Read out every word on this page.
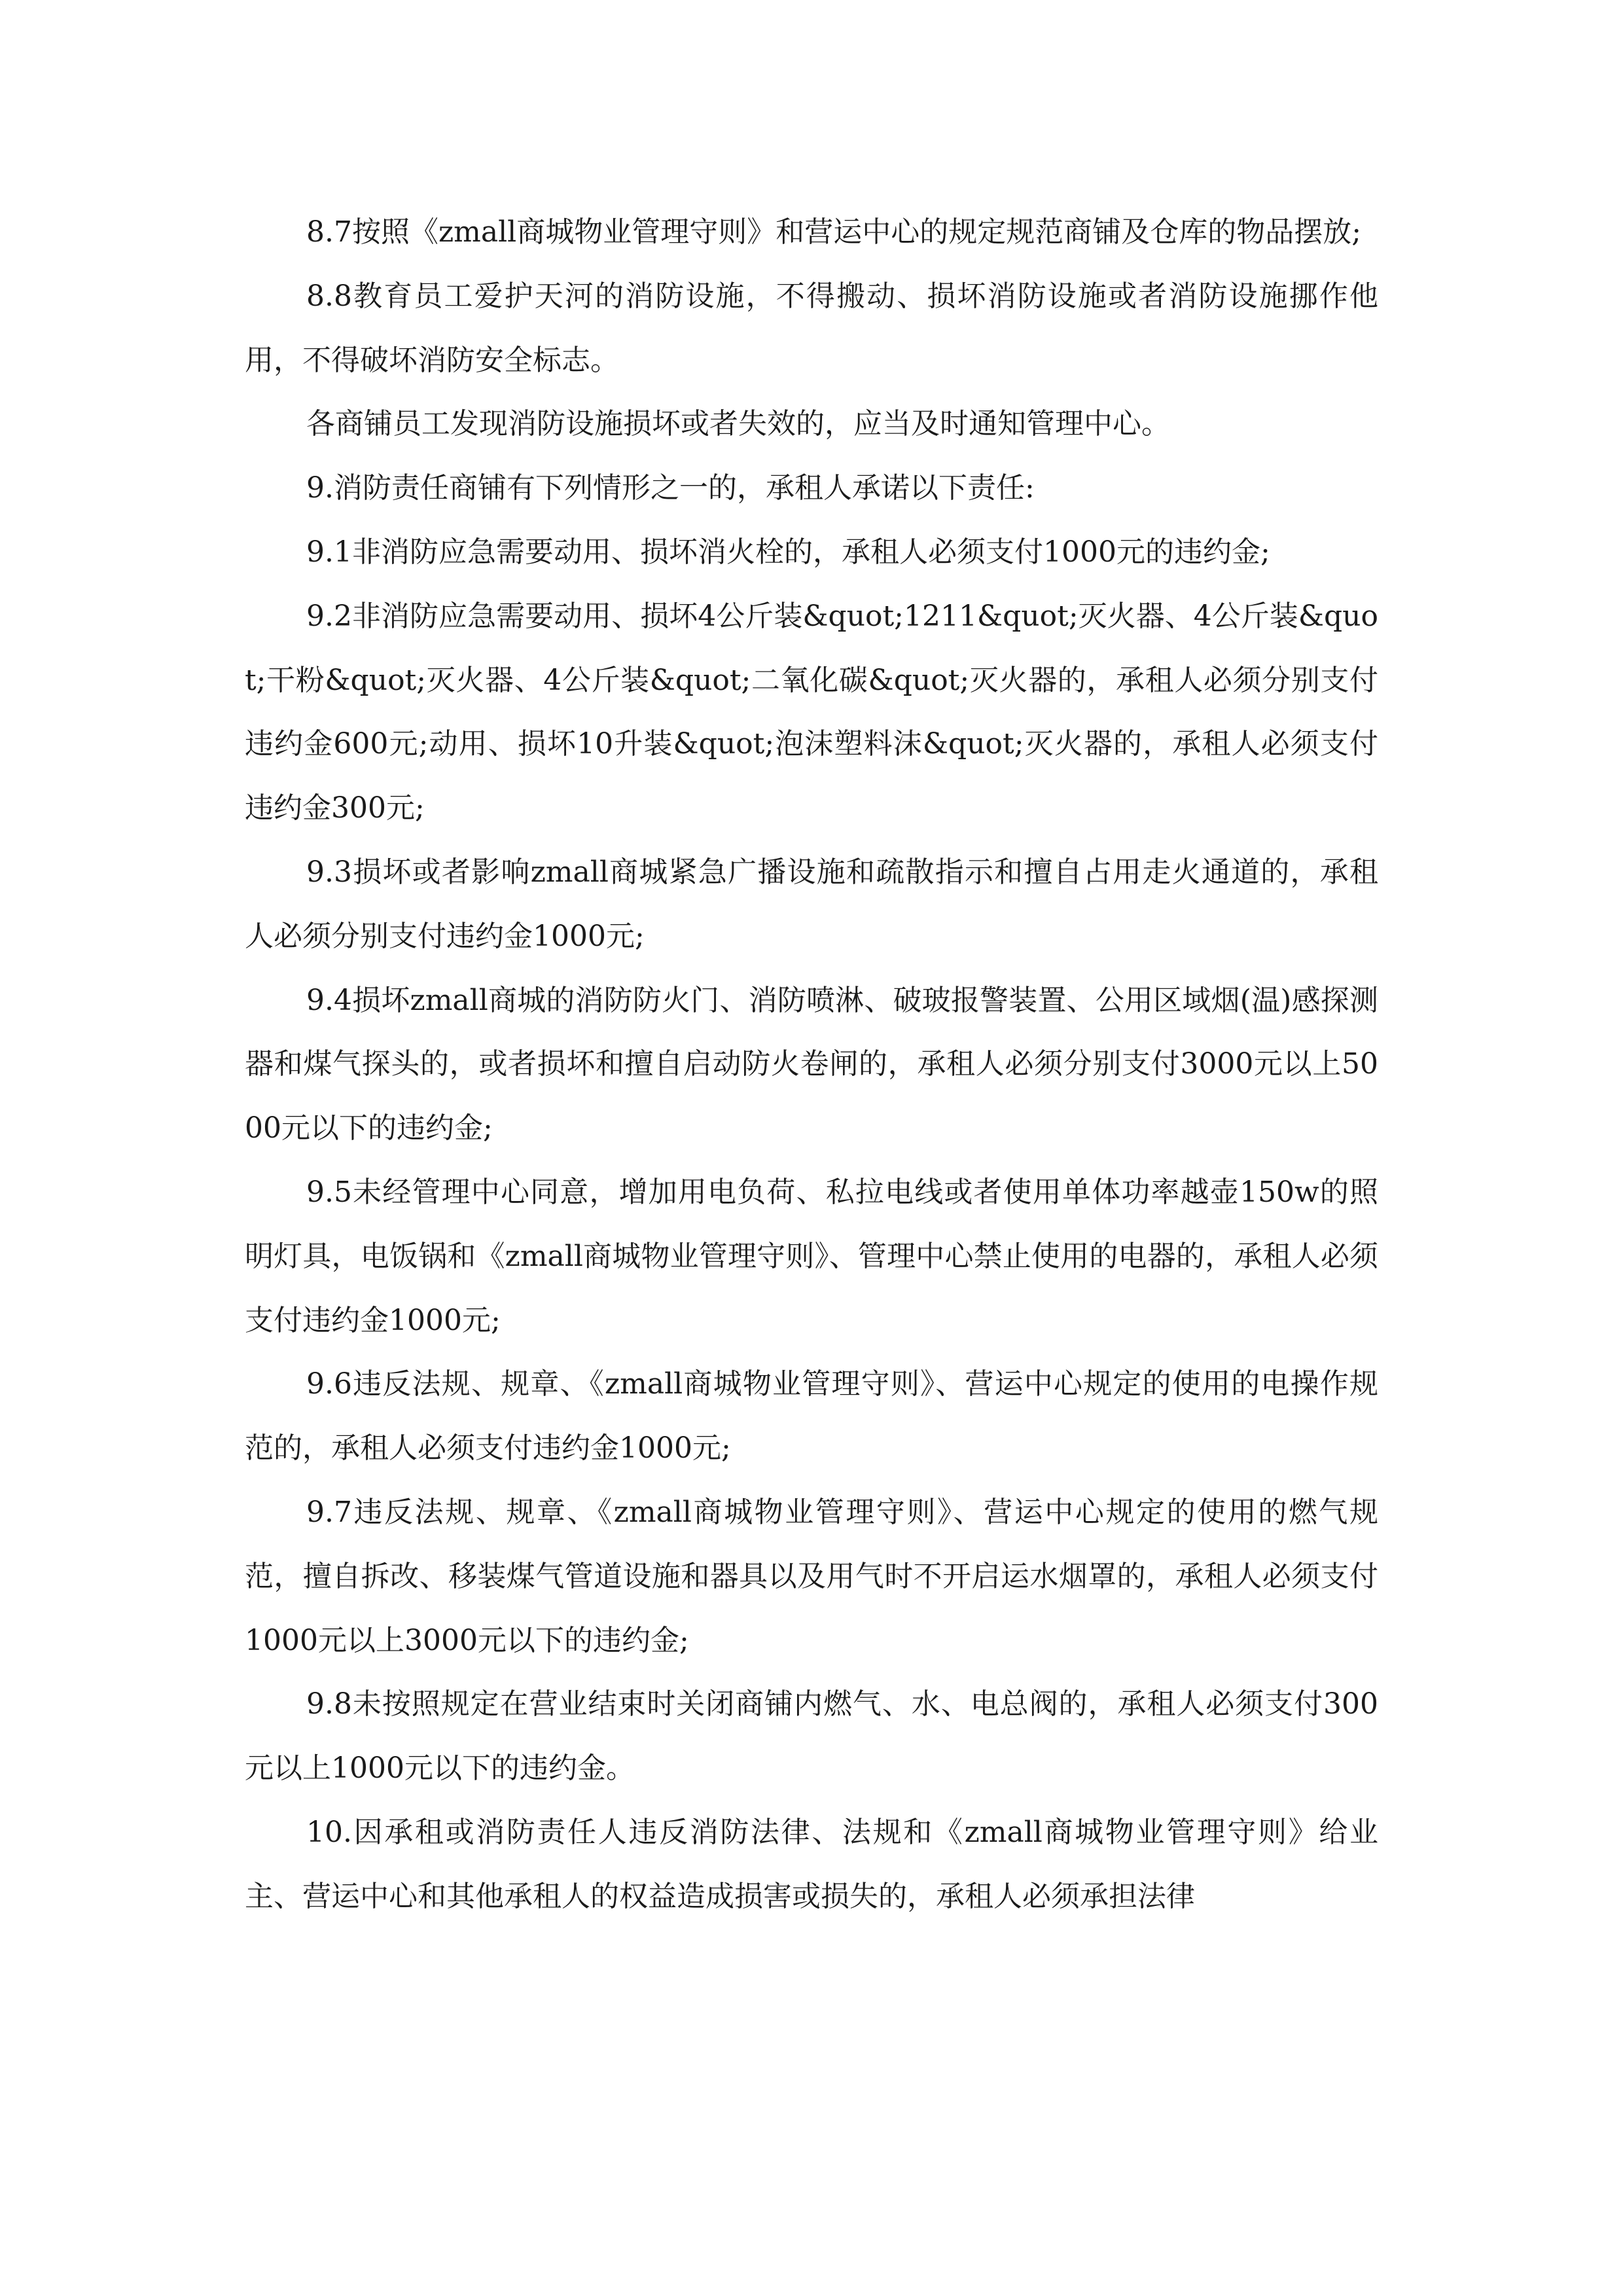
8.7按照《zmall商城物业管理守则》和营运中心的规定规范商铺及仓库的物品摆放;

8.8教育员工爱护天河的消防设施，不得搬动、损坏消防设施或者消防设施挪作他用，不得破坏消防安全标志。

各商铺员工发现消防设施损坏或者失效的，应当及时通知管理中心。

9.消防责任商铺有下列情形之一的，承租人承诺以下责任:

9.1非消防应急需要动用、损坏消火栓的，承租人必须支付1000元的违约金;

9.2非消防应急需要动用、损坏4公斤装&quot;1211&quot;灭火器、4公斤装&quot;干粉&quot;灭火器、4公斤装&quot;二氧化碳&quot;灭火器的，承租人必须分别支付违约金600元;动用、损坏10升装&quot;泡沫塑料沫&quot;灭火器的，承租人必须支付违约金300元;

9.3损坏或者影响zmall商城紧急广播设施和疏散指示和擅自占用走火通道的，承租人必须分别支付违约金1000元;

9.4损坏zmall商城的消防防火门、消防喷淋、破玻报警装置、公用区域烟(温)感探测器和煤气探头的，或者损坏和擅自启动防火卷闸的，承租人必须分别支付3000元以上5000元以下的违约金;

9.5未经管理中心同意，增加用电负荷、私拉电线或者使用单体功率越壶150w的照明灯具，电饭锅和《zmall商城物业管理守则》、管理中心禁止使用的电器的，承租人必须支付违约金1000元;

9.6违反法规、规章、《zmall商城物业管理守则》、营运中心规定的使用的电操作规范的，承租人必须支付违约金1000元;

9.7违反法规、规章、《zmall商城物业管理守则》、营运中心规定的使用的燃气规范，擅自拆改、移装煤气管道设施和器具以及用气时不开启运水烟罩的，承租人必须支付1000元以上3000元以下的违约金;

9.8未按照规定在营业结束时关闭商铺内燃气、水、电总阀的，承租人必须支付300元以上1000元以下的违约金。

10.因承租或消防责任人违反消防法律、法规和《zmall商城物业管理守则》给业主、营运中心和其他承租人的权益造成损害或损失的，承租人必须承担法律
